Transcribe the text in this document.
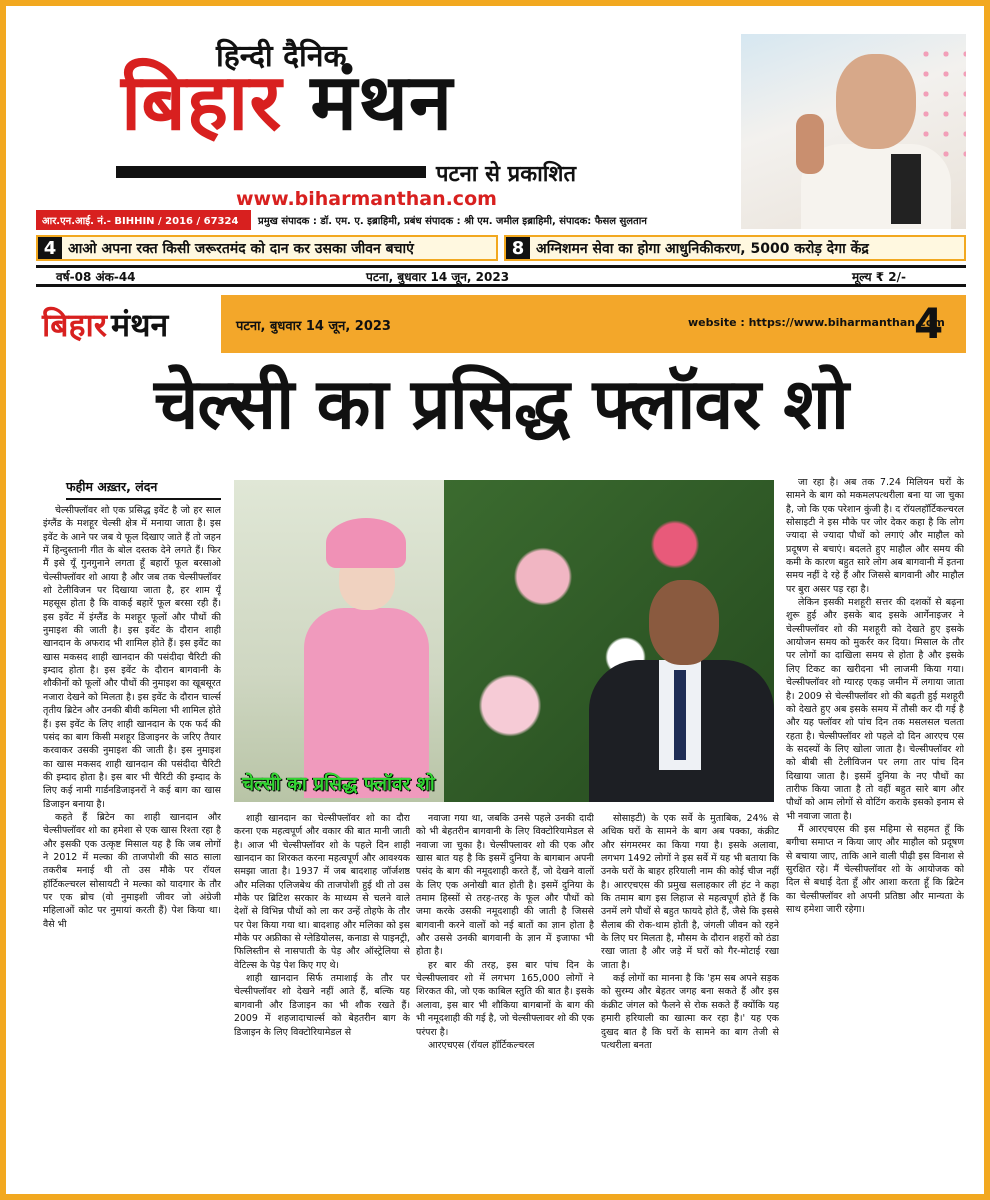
हिन्दी दैनिक
बिहार मंथन
पटना से प्रकाशित
www.biharmanthan.com
आर.एन.आई. नं.- BIHHIN / 2016 / 67324	प्रमुख संपादक : डॉ. एम. ए. इब्राहिमी, प्रबंध संपादक : श्री एम. जमील इब्राहिमी, संपादक: फैसल सुलतान
4 आओ अपना रक्त किसी जरूरतमंद को दान कर उसका जीवन बचाएं	8 अग्निशमन सेवा का होगा आधुनिकीकरण, 5000 करोड़ देगा केंद्र
वर्ष-08 अंक-44	पटना, बुधवार 14 जून, 2023	मूल्य ₹ 2/-
बिहार मंथन	पटना, बुधवार 14 जून, 2023	website : https://www.biharmanthan.com
4
चेल्सी का प्रसिद्ध फ्लॉवर शो
फहीम अख़्तर, लंदन

चेल्सीफ्लॉवर शो एक प्रसिद्ध इवेंट है जो हर साल इंग्लैंड के मशहूर चेल्सी क्षेत्र में मनाया जाता है। इस इवेंट के आने पर जब ये फूल दिखाए जाते हैं तो जहन में हिन्दुस्तानी गीत के बोल दस्तक देने लगते हैं। फिर मैं इसे यूँ गुनगुनाने लगता हूँ बहारों फूल बरसाओ चेल्सीफ्लॉवर शो आया है और जब तक चेल्सीफ्लॉवर शो टेलीविजन पर दिखाया जाता है, हर शाम यूँ महसूस होता है कि वाकई बहारें फूल बरसा रही हैं। इस इवेंट में इंग्लैंड के मशहूर फूलों और पौधों की नुमाइश की जाती है। इस इवेंट के दौरान शाही खानदान के अफराद भी शामिल होते हैं। इस इवेंट का खास मकसद शाही खानदान की पसंदीदा चैरिटी की इम्दाद होता है। इस इवेंट के दौरान बागवानी के शौकीनों को फूलों और पौधों की नुमाइश का खूबसूरत नजारा देखने को मिलता है। इस इवेंट के दौरान चार्ल्स तृतीय ब्रिटेन और उनकी बीवी कमिला भी शामिल होते हैं। इस इवेंट के लिए शाही खानदान के एक फर्द की पसंद का बाग किसी मशहूर डिजाइनर के जरिए तैयार करवाकर उसकी नुमाइश की जाती है। इस नुमाइश का खास मकसद शाही खानदान की पसंदीदा चैरिटी की इम्दाद होता है। इस बार भी चैरिटी की इम्दाद के लिए कई नामी गार्डनडिजाइनरों ने कई बाग का खास डिजाइन बनाया है।

कहते हैं ब्रिटेन का शाही खानदान और चेल्सीफ्लॉवर शो का हमेशा से एक खास रिश्ता रहा है और इसकी एक उत्कृष्ट मिसाल यह है कि जब लोगों ने 2012 में मल्का की ताजपोशी की साठ साला तकरीब मनाई थी तो उस मौके पर रॉयल हॉर्टिकल्चरल सोसायटी ने मल्का को यादगार के तौर पर एक ब्रोच (वो नुमाइशी जीवर जो अंग्रेजी महिलाओं कोट पर नुमायां करती हैं) पेश किया था। वैसे भी

चेल्सी का प्रसिद्ध फ्लॉवर शो

शाही खानदान का चेल्सीफ्लॉवर शो का दौरा करना एक महत्वपूर्ण और वकार की बात मानी जाती है। आज भी चेल्सीफ्लॉवर शो के पहले दिन शाही खानदान का शिरकत करना महत्वपूर्ण और आवश्यक समझा जाता है। 1937 में जब बादशाह जॉर्जशष्ठ और मलिका एलिजबेथ की ताजपोशी हुई थी तो उस मौके पर ब्रिटिश सरकार के माध्यम से चलने वाले देशों से विभिन्न पौधों को ला कर उन्हें तोहफे के तौर पर पेश किया गया था। बादशाह और मलिका को इस मौके पर अफ्रीका से ग्लेडियोलस, कनाडा से पाइनट्री, फिलिस्तीन से नासपाती के पेड़ और ऑस्ट्रेलिया से वेटिल्स के पेड़ पेश किए गए थे।

शाही खानदान सिर्फ तमाशाई के तौर पर चेल्सीफ्लॉवर शो देखने नहीं आते हैं, बल्कि यह बागवानी और डिजाइन का भी शौक रखते हैं। 2009 में शहजादाचार्ल्स को बेहतरीन बाग के डिजाइन के लिए विक्टोरियामेडल से

नवाजा गया था, जबकि उनसे पहले उनकी दादी को भी बेहतरीन बागवानी के लिए विक्टोरियामेडल से नवाजा जा चुका है। चेल्सीफ्लावर शो की एक और खास बात यह है कि इसमें दुनिया के बागबान अपनी पसंद के बाग की नमूदशाही करते हैं, जो देखने वालों के लिए एक अनोखी बात होती है। इसमें दुनिया के तमाम हिस्सों से तरह-तरह के फूल और पौधों को जमा करके उसकी नमूदशाही की जाती है जिससे बागवानी करने वालों को नई बातों का ज्ञान होता है और उससे उनकी बागवानी के ज्ञान में इजाफा भी होता है।

हर बार की तरह, इस बार पांच दिन के चेल्सीफ्लावर शो में लगभग 165,000 लोगों ने शिरकत की, जो एक काबिल स्तुति की बात है। इसके अलावा, इस बार भी शौकिया बागबानों के बाग की भी नमूदशाही की गई है, जो चेल्सीफ्लावर शो की एक परंपरा है।

आरएचएस (रॉयल हॉर्टिकल्चरल

सोसाइटी) के एक सर्वे के मुताबिक, 24% से अधिक घरों के सामने के बाग अब पक्का, कंक्रीट और संगमरमर का किया गया है। इसके अलावा, लगभग 1492 लोगों ने इस सर्वे में यह भी बताया कि उनके घरों के बाहर हरियाली नाम की कोई चीज नहीं है। आरएचएस की प्रमुख सलाहकार ली हंट ने कहा कि तमाम बाग इस लिहाज से महत्वपूर्ण होते हैं कि उनमें लगे पौधों से बहुत फायदे होते हैं, जैसे कि इससे सैलाब की रोक-थाम होती है, जंगली जीवन को रहने के लिए घर मिलता है, मौसम के दौरान शहरों को ठंडा रखा जाता है और जड़े में घरों को गैर-मोटाई रखा जाता है।

कई लोगों का मानना है कि 'हम सब अपने सड़क को सुरम्य और बेहतर जगह बना सकते हैं और इस कंक्रीट जंगल को फैलने से रोक सकते हैं क्योंकि यह हमारी हरियाली का खात्मा कर रहा है।' यह एक दुखद बात है कि घरों के सामने का बाग तेजी से पत्थरीला बनता

जा रहा है। अब तक 7.24 मिलियन घरों के सामने के बाग को मकमलपत्थरीला बना या जा चुका है, जो कि एक परेशान कुंजी है। द रॉयलहॉर्टिकल्चरल सोसाइटी ने इस मौके पर जोर देकर कहा है कि लोग ज्यादा से ज्यादा पौधों को लगाएं और माहौल को प्रदूषण से बचाएं। बदलते हुए माहौल और समय की कमी के कारण बहुत सारे लोग अब बागवानी में इतना समय नहीं दे रहे हैं और जिससे बागवानी और माहौल पर बुरा असर पड़ रहा है।

लेकिन इसकी मशहूरी सत्तर की दशकों से बढ़ना शुरू हुई और इसके बाद इसके आर्गेनाइजर ने चेल्सीफ्लॉवर शो की मशहूरी को देखते हुए इसके आयोजन समय को मुकर्रर कर दिया। मिसाल के तौर पर लोगों का दाखिला समय से होता है और इसके लिए टिकट का खरीदना भी लाजमी किया गया। चेल्सीफ्लॉवर शो ग्यारह एकड़ जमीन में लगाया जाता है। 2009 से चेल्सीफ्लॉवर शो की बढ़ती हुई मशहूरी को देखते हुए अब इसके समय में तौसी कर दी गई है और यह फ्लॉवर शो पांच दिन तक मसलसल चलता रहता है। चेल्सीफ्लॉवर शो पहले दो दिन आरएच एस के सदस्यों के लिए खोला जाता है। चेल्सीफ्लॉवर शो को बीबी सी टेलीविजन पर लगा तार पांच दिन दिखाया जाता है। इसमें दुनिया के नए पौधों का तारीफ किया जाता है तो वहीं बहुत सारे बाग और पौधों को आम लोगों से वोटिंग कराके इसको इनाम से भी नवाजा जाता है।

मैं आरएचएस की इस महिमा से सहमत हूँ कि बगीचा समाप्त न किया जाए और माहौल को प्रदूषण से बचाया जाए, ताकि आने वाली पीढ़ी इस विनाश से सुरक्षित रहे। मैं चेल्सीफ्लॉवर शो के आयोजक को दिल से बधाई देता हूँ और आशा करता हूँ कि ब्रिटेन का चेल्सीफ्लॉवर शो अपनी प्रतिष्ठा और मान्यता के साथ हमेशा जारी रहेगा।
